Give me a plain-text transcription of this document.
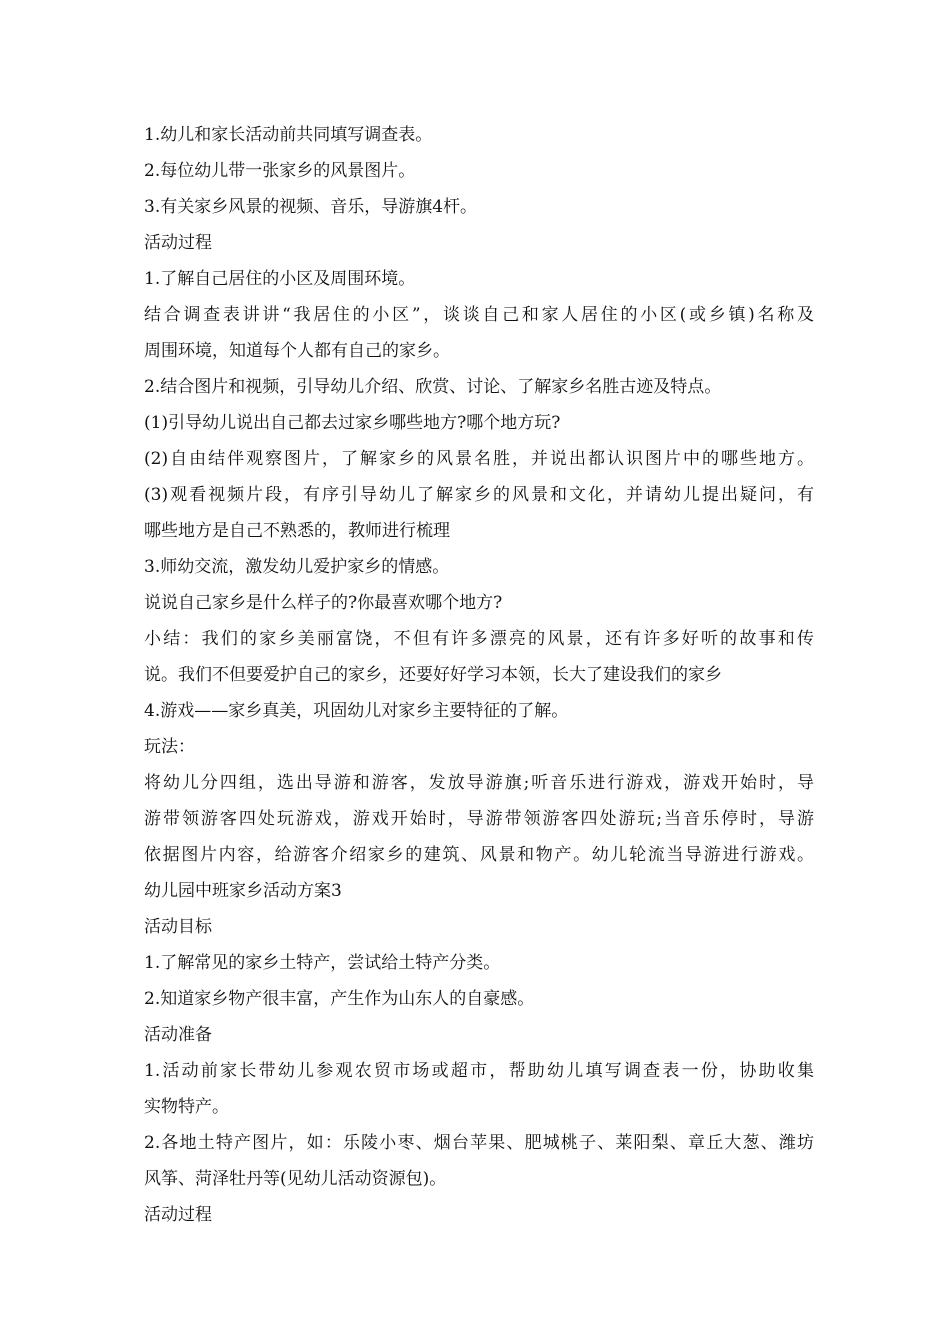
1.幼儿和家长活动前共同填写调查表。
2.每位幼儿带一张家乡的风景图片。
3.有关家乡风景的视频、音乐，导游旗4杆。
活动过程
1.了解自己居住的小区及周围环境。
结合调查表讲讲“我居住的小区”，谈谈自己和家人居住的小区(或乡镇)名称及
周围环境，知道每个人都有自己的家乡。
2.结合图片和视频，引导幼儿介绍、欣赏、讨论、了解家乡名胜古迹及特点。
(1)引导幼儿说出自己都去过家乡哪些地方?哪个地方玩?
(2)自由结伴观察图片，了解家乡的风景名胜，并说出都认识图片中的哪些地方。
(3)观看视频片段，有序引导幼儿了解家乡的风景和文化，并请幼儿提出疑问，有
哪些地方是自己不熟悉的，教师进行梳理
3.师幼交流，激发幼儿爱护家乡的情感。
说说自己家乡是什么样子的?你最喜欢哪个地方?
小结：我们的家乡美丽富饶，不但有许多漂亮的风景，还有许多好听的故事和传
说。我们不但要爱护自己的家乡，还要好好学习本领，长大了建设我们的家乡
4.游戏——家乡真美，巩固幼儿对家乡主要特征的了解。
玩法：
将幼儿分四组，选出导游和游客，发放导游旗;听音乐进行游戏，游戏开始时，导
游带领游客四处玩游戏，游戏开始时，导游带领游客四处游玩;当音乐停时，导游
依据图片内容，给游客介绍家乡的建筑、风景和物产。幼儿轮流当导游进行游戏。
幼儿园中班家乡活动方案3
活动目标
1.了解常见的家乡土特产，尝试给土特产分类。
2.知道家乡物产很丰富，产生作为山东人的自豪感。
活动准备
1.活动前家长带幼儿参观农贸市场或超市，帮助幼儿填写调查表一份，协助收集
实物特产。
2.各地土特产图片，如：乐陵小枣、烟台苹果、肥城桃子、莱阳梨、章丘大葱、潍坊
风筝、菏泽牡丹等(见幼儿活动资源包)。
活动过程
